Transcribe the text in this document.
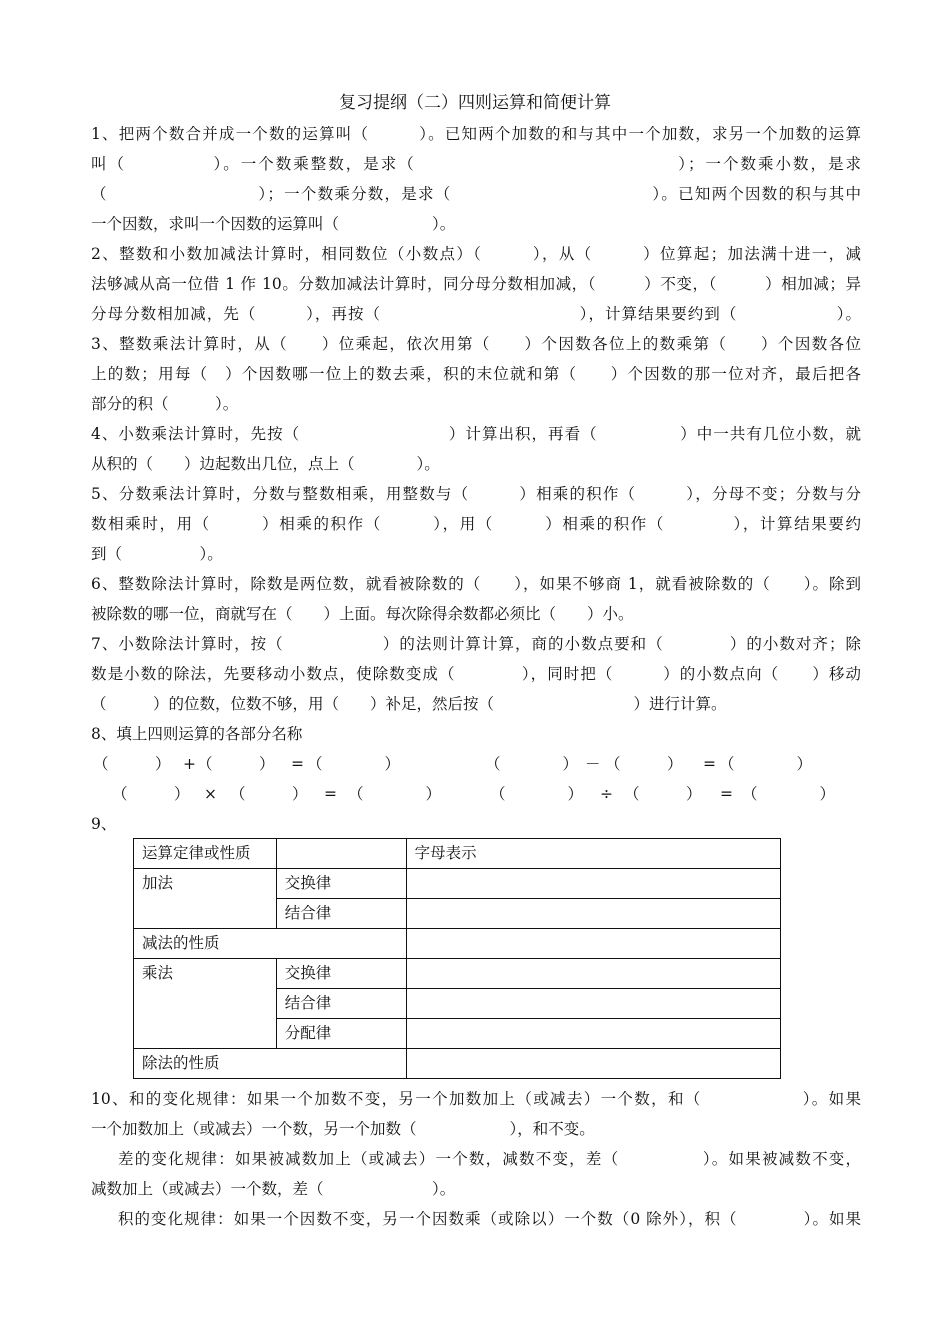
复习提纲（二）四则运算和简便计算
1、把两个数合并成一个数的运算叫（　　　）。已知两个加数的和与其中一个加数，求另一个加数的运算
叫（　　　　　）。一个数乘整数，是求（　　　　　　　　　　　　　　　）；一个数乘小数，是求
（　　　　　　　　　）；一个数乘分数，是求（　　　　　　　　　　　　）。已知两个因数的积与其中
一个因数，求叫一个因数的运算叫（　　　　　　）。
2、整数和小数加减法计算时，相同数位（小数点）（　　　），从（　　　）位算起；加法满十进一，减
法够减从高一位借 1 作 10。分数加减法计算时，同分母分数相加减，（　　　）不变，（　　　）相加减；异
分母分数相加减，先（　　　），再按（　　　　　　　　　　　　），计算结果要约到（　　　　　　）。
3、整数乘法计算时，从（　　）位乘起，依次用第（　　）个因数各位上的数乘第（　　）个因数各位
上的数；用每（　）个因数哪一位上的数去乘，积的末位就和第（　　）个因数的那一位对齐，最后把各
部分的积（　　　）。
4、小数乘法计算时，先按（　　　　　　　　　）计算出积，再看（　　　　　）中一共有几位小数，就
从积的（　　）边起数出几位，点上（　　　　）。
5、分数乘法计算时，分数与整数相乘，用整数与（　　　）相乘的积作（　　　），分母不变；分数与分
数相乘时，用（　　　）相乘的积作（　　　），用（　　　）相乘的积作（　　　　），计算结果要约
到（　　　　　）。
6、整数除法计算时，除数是两位数，就看被除数的（　　），如果不够商 1，就看被除数的（　　）。除到
被除数的哪一位，商就写在（　　）上面。每次除得余数都必须比（　　）小。
7、小数除法计算时，按（　　　　　　）的法则计算计算，商的小数点要和（　　　　）的小数对齐；除
数是小数的除法，先要移动小数点，使除数变成（　　　　），同时把（　　　）的小数点向（　　）移动
（　　　）的位数，位数不够，用（　　）补足，然后按（　　　　　　　　　）进行计算。
8、填上四则运算的各部分名称
（　　　） + （　　　） = （　　　　）	（　　　　） － （　　　） = （　　　　）
（　　　） × （　　　） = （　　　　）	（　　　　） ÷ （　　　） = （　　　　）
9、
运算定律或性质		字母表示
加法	交换律	
	结合律	
减法的性质		
乘法	交换律	
	结合律	
	分配律	
除法的性质		
10、和的变化规律：如果一个加数不变，另一个加数加上（或减去）一个数，和（　　　　　　）。如果
一个加数加上（或减去）一个数，另一个加数（　　　　　　），和不变。
差的变化规律：如果被减数加上（或减去）一个数，减数不变，差（　　　　　）。如果被减数不变，
减数加上（或减去）一个数，差（　　　　　　　）。
积的变化规律：如果一个因数不变，另一个因数乘（或除以）一个数（0 除外），积（　　　　）。如果
